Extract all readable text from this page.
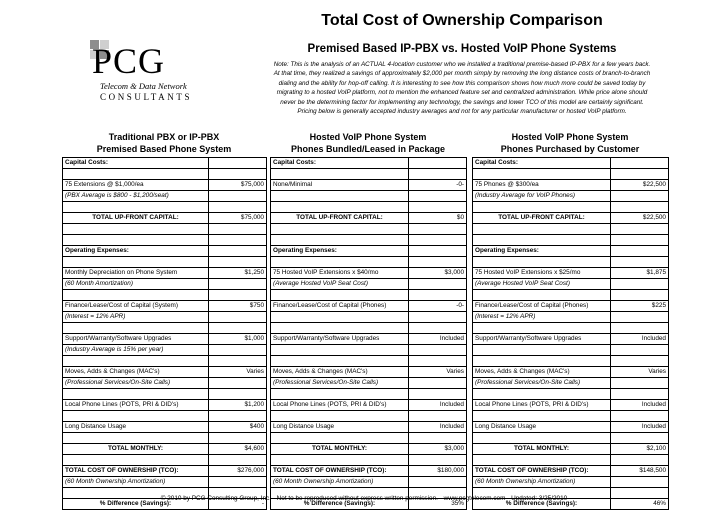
PCG
Telecom & Data Network
CONSULTANTS
Total Cost of Ownership Comparison
Premised Based IP-PBX vs. Hosted VoIP Phone Systems
Note: This is the analysis of an ACTUAL 4-location customer who we installed a traditional premise-based IP-PBX for a few years back. At that time, they realized a savings of approximately $2,000 per month simply by removing the long distance costs of branch-to-branch dialing and the ability for hop-off calling. It is interesting to see how this comparison shows how much more could be saved today by migrating to a hosted VoIP platform, not to mention the enhanced feature set and centralized administration. While price alone should never be the determining factor for implementing any technology, the savings and lower TCO of this model are certainly significant. Pricing below is generally accepted industry averages and not for any particular manufacturer or hosted VoIP platform.
Traditional PBX or IP-PBX
Premised Based Phone System
Hosted VoIP Phone System
Phones Bundled/Leased in Package
Hosted VoIP Phone System
Phones Purchased by Customer
Capital Costs:
75 Extensions @ $1,000/ea	$75,000
(PBX Average is $800 - $1,200/seat)
TOTAL UP-FRONT CAPITAL:	$75,000
Operating Expenses:
Monthly Depreciation on Phone System	$1,250
(60 Month Amortization)
Finance/Lease/Cost of Capital (System)	$750
(Interest = 12% APR)
Support/Warranty/Software Upgrades	$1,000
(Industry Average is 15% per year)
Moves, Adds & Changes (MAC's)	Varies
(Professional Services/On-Site Calls)
Local Phone Lines (POTS, PRI & DID's)	$1,200
Long Distance Usage	$400
TOTAL MONTHLY:	$4,600
TOTAL COST OF OWNERSHIP (TCO):	$276,000
(60 Month Ownership Amortization)
% Difference (Savings):	-
Capital Costs:
None/Minimal	-0-
TOTAL UP-FRONT CAPITAL:	$0
Operating Expenses:
75 Hosted VoIP Extensions x $40/mo	$3,000
(Average Hosted VoIP Seat Cost)
Finance/Lease/Cost of Capital (Phones)	-0-
Support/Warranty/Software Upgrades	Included
Moves, Adds & Changes (MAC's)	Varies
(Professional Services/On-Site Calls)
Local Phone Lines (POTS, PRI & DID's)	Included
Long Distance Usage	Included
TOTAL MONTHLY:	$3,000
TOTAL COST OF OWNERSHIP (TCO):	$180,000
(60 Month Ownership Amortization)
% Difference (Savings):	35%
Capital Costs:
75 Phones @ $300/ea	$22,500
(Industry Average for VoIP Phones)
TOTAL UP-FRONT CAPITAL:	$22,500
Operating Expenses:
75 Hosted VoIP Extensions x $25/mo	$1,875
(Average Hosted VoIP Seat Cost)
Finance/Lease/Cost of Capital (Phones)	$225
(Interest = 12% APR)
Support/Warranty/Software Upgrades	Included
Moves, Adds & Changes (MAC's)	Varies
(Professional Services/On-Site Calls)
Local Phone Lines (POTS, PRI & DID's)	Included
Long Distance Usage	Included
TOTAL MONTHLY:	$2,100
TOTAL COST OF OWNERSHIP (TCO):	$148,500
(60 Month Ownership Amortization)
% Difference (Savings):	46%
© 2010 by PCG Consulting Group, Inc. - Not to be reproduced without express written permission. - www.pcgtelecom.com - Updated: 3/25/2010
